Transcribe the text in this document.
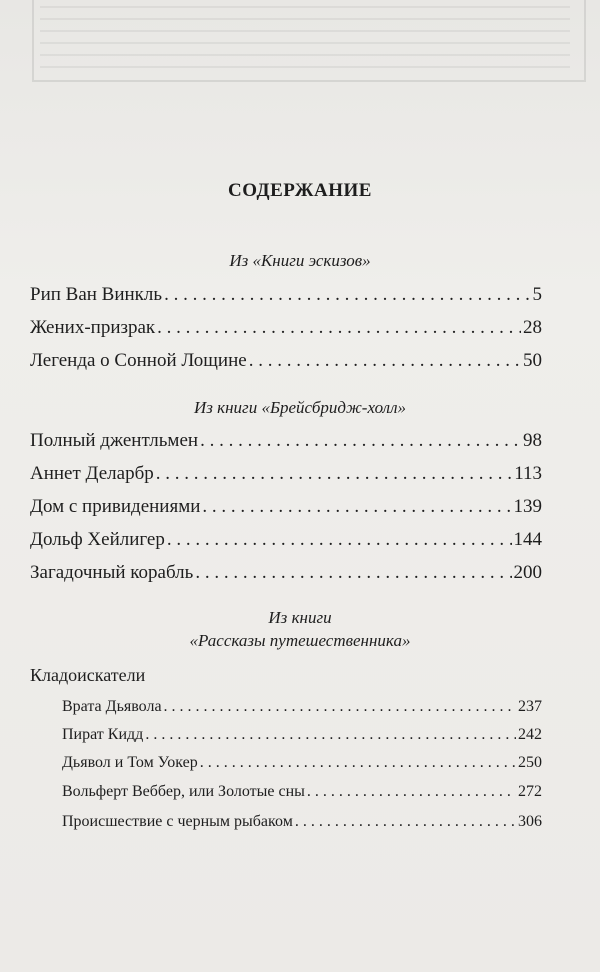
СОДЕРЖАНИЕ
Из «Книги эскизов»
Рип Ван Винкль . . .	5
Жених-призрак . . .	28
Легенда о Сонной Лощине . . .	50
Из книги «Брейсбридж-холл»
Полный джентльмен . . .	98
Аннет Деларбр . . .	113
Дом с привидениями . . .	139
Дольф Хейлигер . . .	144
Загадочный корабль . . .	200
Из книги
«Рассказы путешественника»
Кладоискатели
Врата Дьявола . . .	237
Пират Кидд . . .	242
Дьявол и Том Уокер . . .	250
Вольферт Веббер, или Золотые сны . . .	272
Происшествие с черным рыбаком . . .	306
